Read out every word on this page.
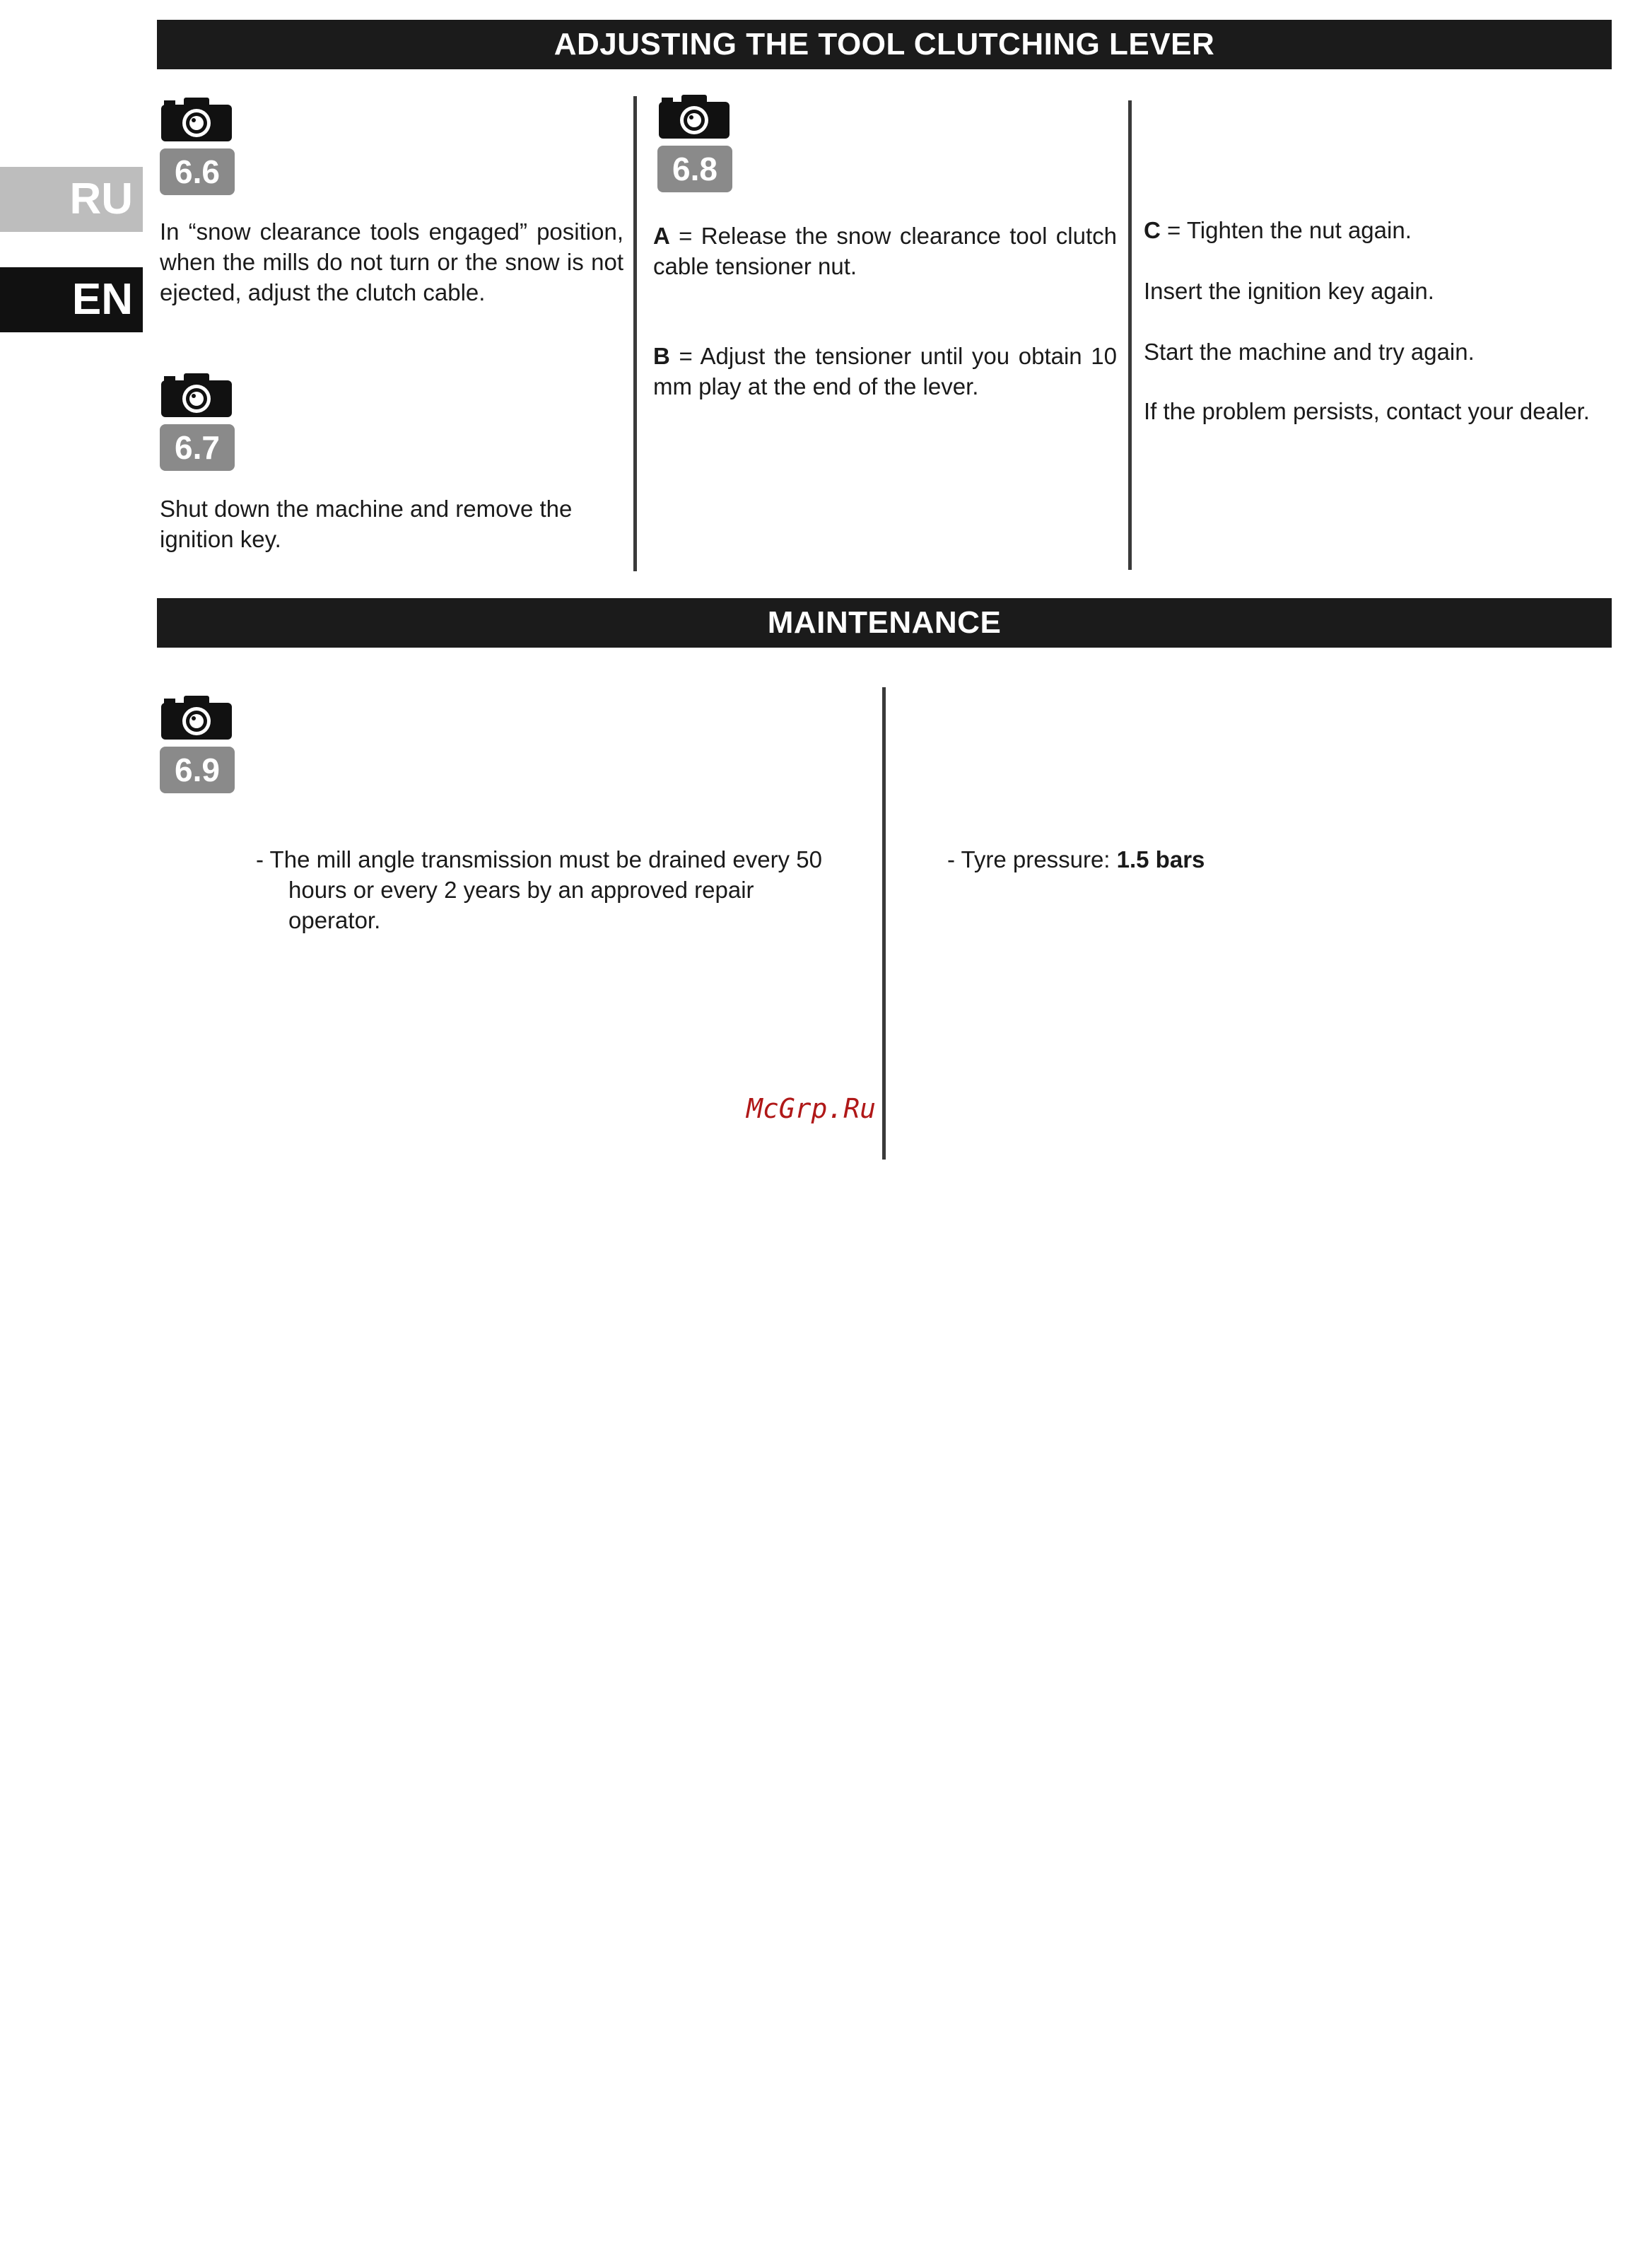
RU
EN
ADJUSTING THE TOOL CLUTCHING LEVER
6.6
In “snow clearance tools engaged” position, when the mills do not turn or the snow is not ejected, adjust the clutch cable.
6.7
Shut down the machine and remove the ignition key.
6.8
A = Release the snow clearance tool clutch cable tensioner nut.
B = Adjust the tensioner until you obtain 10 mm play at the end of the lever.
C = Tighten the nut again.
Insert the ignition key again.
Start the machine and try again.
If the problem persists, contact your dealer.
MAINTENANCE
6.9
- The mill angle transmission must be drained every 50 hours or every 2 years by an approved repair operator.
- Tyre pressure: 1.5 bars
McGrp.Ru
